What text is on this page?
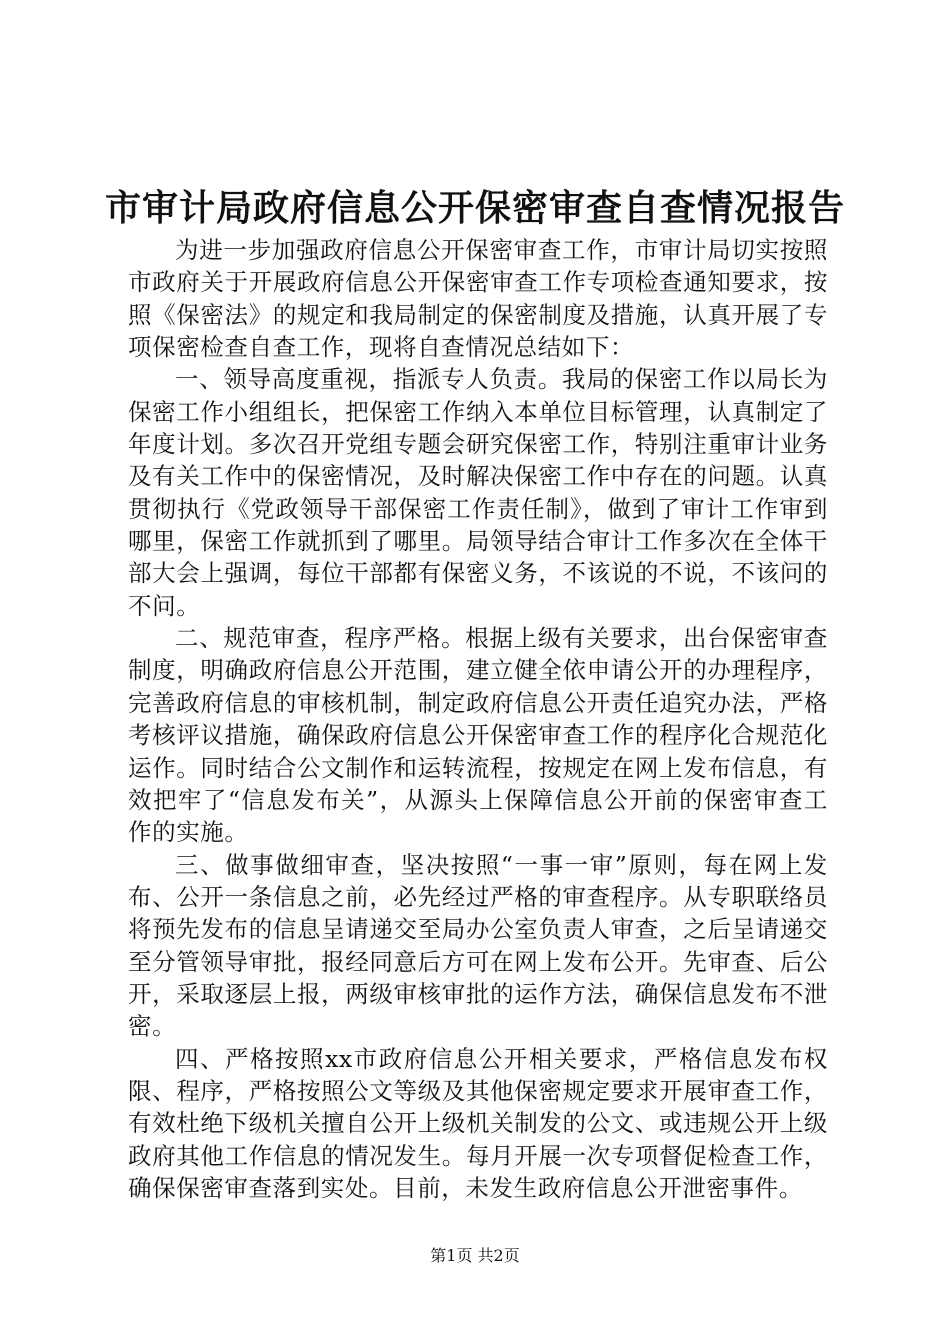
市审计局政府信息公开保密审查自查情况报告

为进一步加强政府信息公开保密审查工作，市审计局切实按照市政府关于开展政府信息公开保密审查工作专项检查通知要求，按照《保密法》的规定和我局制定的保密制度及措施，认真开展了专项保密检查自查工作，现将自查情况总结如下：

一、领导高度重视，指派专人负责。我局的保密工作以局长为保密工作小组组长，把保密工作纳入本单位目标管理，认真制定了年度计划。多次召开党组专题会研究保密工作，特别注重审计业务及有关工作中的保密情况，及时解决保密工作中存在的问题。认真贯彻执行《党政领导干部保密工作责任制》，做到了审计工作审到哪里，保密工作就抓到了哪里。局领导结合审计工作多次在全体干部大会上强调，每位干部都有保密义务，不该说的不说，不该问的不问。

二、规范审查，程序严格。根据上级有关要求，出台保密审查制度，明确政府信息公开范围，建立健全依申请公开的办理程序，完善政府信息的审核机制，制定政府信息公开责任追究办法，严格考核评议措施，确保政府信息公开保密审查工作的程序化合规范化运作。同时结合公文制作和运转流程，按规定在网上发布信息，有效把牢了“信息发布关”，从源头上保障信息公开前的保密审查工作的实施。

三、做事做细审查，坚决按照“一事一审”原则，每在网上发布、公开一条信息之前，必先经过严格的审查程序。从专职联络员将预先发布的信息呈请递交至局办公室负责人审查，之后呈请递交至分管领导审批，报经同意后方可在网上发布公开。先审查、后公开，采取逐层上报，两级审核审批的运作方法，确保信息发布不泄密。

四、严格按照xx市政府信息公开相关要求，严格信息发布权限、程序，严格按照公文等级及其他保密规定要求开展审查工作，有效杜绝下级机关擅自公开上级机关制发的公文、或违规公开上级政府其他工作信息的情况发生。每月开展一次专项督促检查工作，确保保密审查落到实处。目前，未发生政府信息公开泄密事件。

第1页 共2页
